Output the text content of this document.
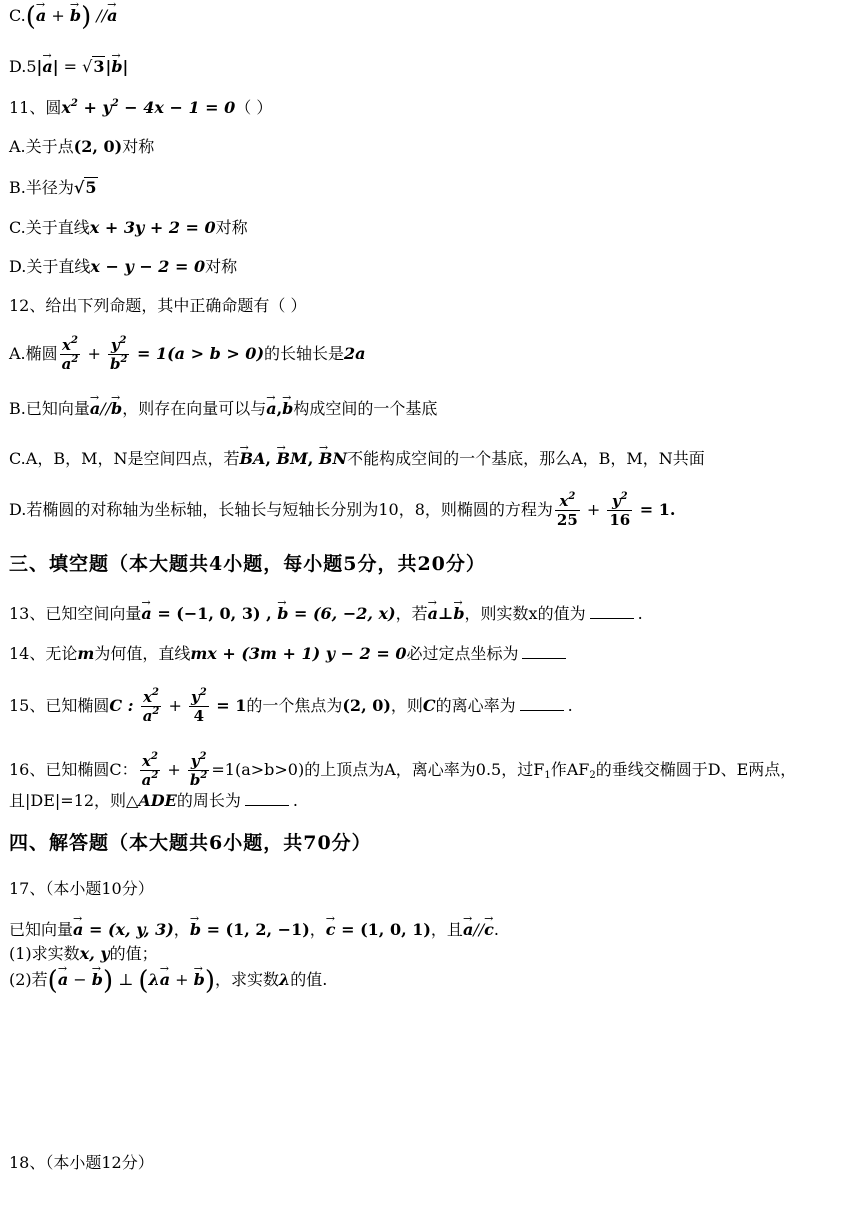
C.(→ a + → b) //→ a
D.5|→ a| = √3|→ b|
11、圆$x^2 + y^2 - 4x - 1 = 0$（ ）
A.关于点(2, 0)对称
B.半径为√5
C.关于直线x + 3y + 2 = 0对称
D.关于直线x − y − 2 = 0对称
12、给出下列命题，其中正确命题有（ ）
A.椭圆 $\frac{x^2}{a^2} + \frac{y^2}{b^2} = 1(a > b > 0)$的长轴长是2a
B.已知向量→ a//→ b，则存在向量可以与→ a,→ b构成空间的一个基底
C.A，B，M，N是空间四点，若→ BA, → BM, → BN不能构成空间的一个基底，那么A，B，M，N共面
D.若椭圆的对称轴为坐标轴，长轴长与短轴长分别为10，8，则椭圆的方程为 $\frac{x^2}{25} + \frac{y^2}{16} = 1$.
三、填空题（本大题共4小题，每小题5分，共20分）
13、已知空间向量→ a = (−1, 0, 3) , → b = (6, −2, x)，若→ a⊥→ b，则实数x的值为	.
14、无论m为何值，直线mx + (3m + 1) y − 2 = 0必过定点坐标为
15、已知椭圆C : $\frac{x^2}{a^2} + \frac{y^2}{4} = 1$的一个焦点为(2, 0)，则C的离心率为	.
16、已知椭圆C： $\frac{x^2}{a^2} + \frac{y^2}{b^2} =1(a>b>0)$的上顶点为A，离心率为0.5，过$F_1$作$AF_2$的垂线交椭圆于D、E两点，
且|DE|=12，则△ADE的周长为	.
四、解答题（本大题共6小题，共70分）
17、（本小题10分）
已知向量→ a = (x, y, 3)，→ b = (1, 2, −1)，→ c = (1, 0, 1)，且→ a//→ c.
(1)求实数x, y的值；
(2)若(→ a − → b) ⊥ (λ→ a + → b)，求实数λ的值.
18、（本小题12分）
